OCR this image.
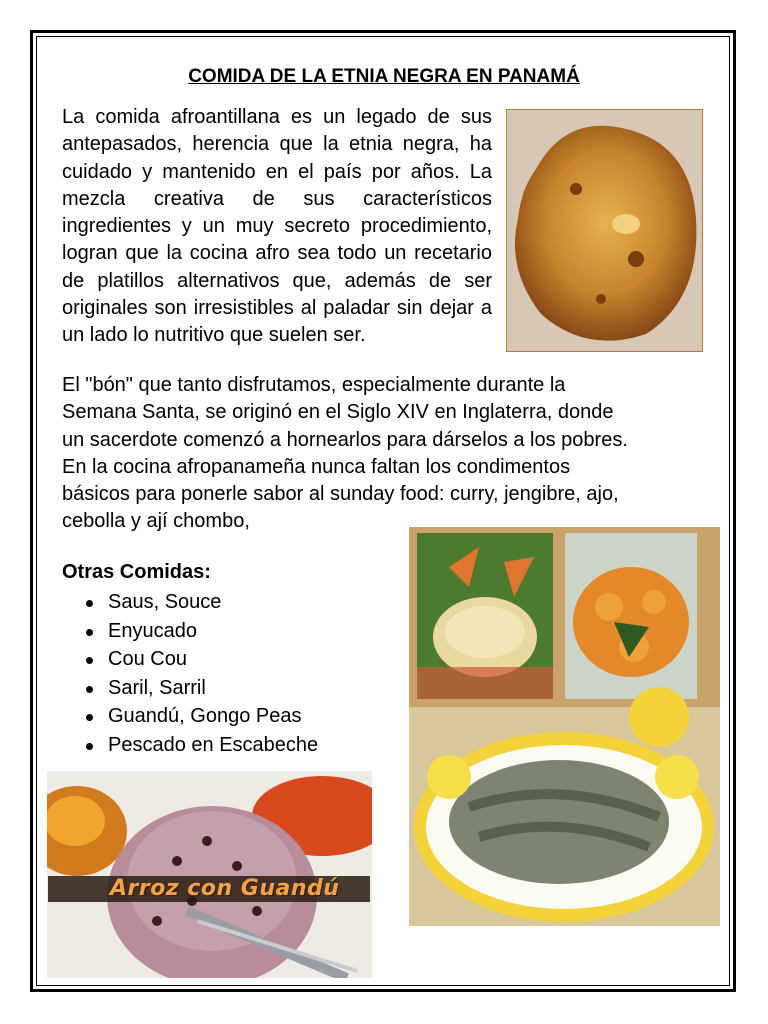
COMIDA DE LA ETNIA NEGRA EN PANAMÁ

La comida afroantillana es un legado de sus antepasados, herencia que la etnia negra, ha cuidado y mantenido en el país por años. La mezcla creativa de sus característicos ingredientes y un muy secreto procedimiento, logran que la cocina afro sea todo un recetario de platillos alternativos que, además de ser originales son irresistibles al paladar sin dejar a un lado lo nutritivo que suelen ser.

El "bón" que tanto disfrutamos, especialmente durante la
Semana Santa, se originó en el Siglo XIV en Inglaterra, donde
un sacerdote comenzó a hornearlos para dárselos a los pobres.
En la cocina afropanameña nunca faltan los condimentos
básicos para ponerle sabor al sunday food: curry, jengibre, ajo,
cebolla y ají chombo,

Otras Comidas:
Saus, Souce
Enyucado
Cou Cou
Saril, Sarril
Guandú, Gongo Peas
Pescado en Escabeche
Arroz con Guandú
